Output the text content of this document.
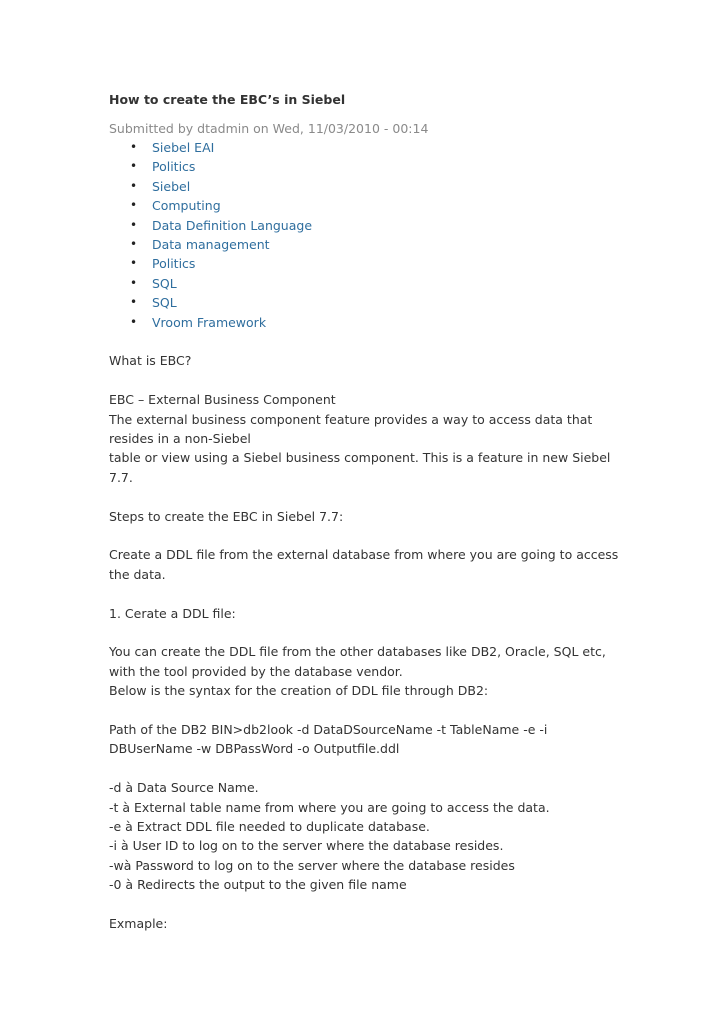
How to create the EBC’s in Siebel
Submitted by dtadmin on Wed, 11/03/2010 - 00:14
• Siebel EAI
• Politics
• Siebel
• Computing
• Data Definition Language
• Data management
• Politics
• SQL
• SQL
• Vroom Framework

What is EBC?

EBC – External Business Component

The external business component feature provides a way to access data that

resides in a non-Siebel

table or view using a Siebel business component. This is a feature in new Siebel

7.7.

Steps to create the EBC in Siebel 7.7:

Create a DDL file from the external database from where you are going to access

the data.

1. Cerate a DDL file:

You can create the DDL file from the other databases like DB2, Oracle, SQL etc,

with the tool provided by the database vendor.

Below is the syntax for the creation of DDL file through DB2:

Path of the DB2 BIN>db2look -d DataDSourceName -t TableName -e -i

DBUserName -w DBPassWord -o Outputfile.ddl

-d à Data Source Name.

-t à External table name from where you are going to access the data.

-e à Extract DDL file needed to duplicate database.

-i à User ID to log on to the server where the database resides.

-wà Password to log on to the server where the database resides

-0 à Redirects the output to the given file name

Exmaple:
